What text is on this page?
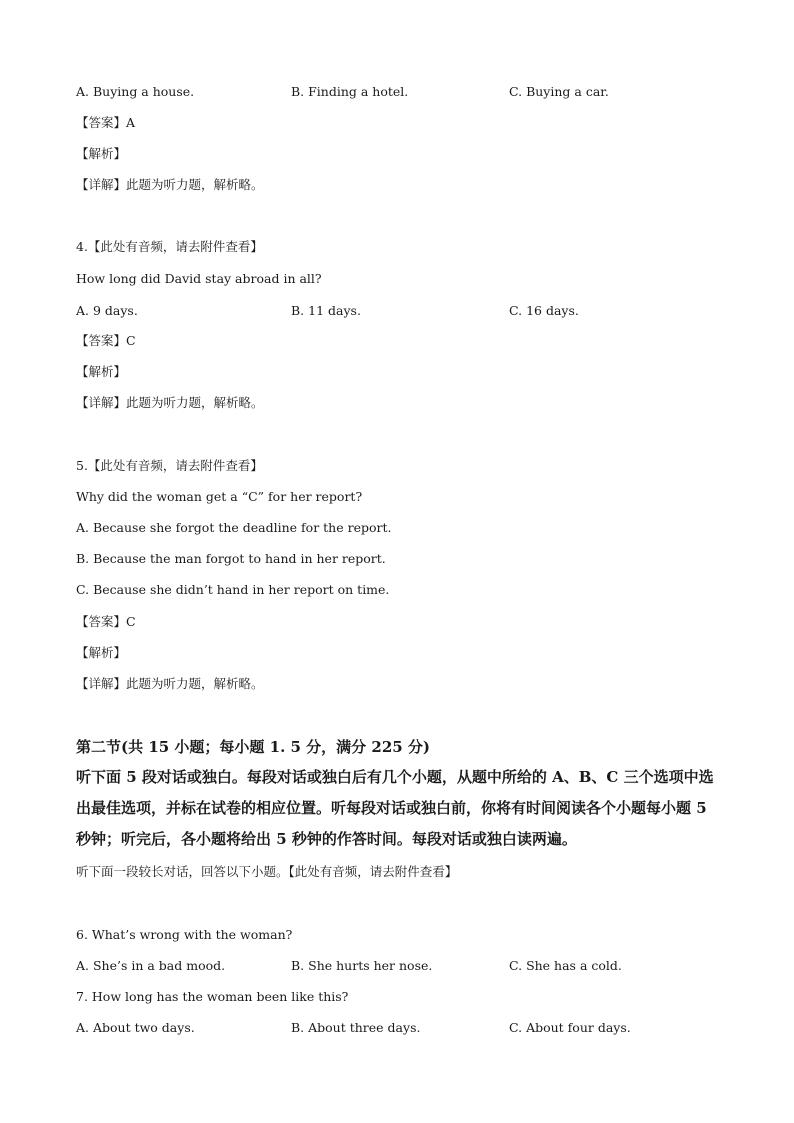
A. Buying a house.	B. Finding a hotel.	C. Buying a car.
【答案】A
【解析】
【详解】此题为听力题，解析略。
4.【此处有音频，请去附件查看】
How long did David stay abroad in all?
A. 9 days.	B. 11 days.	C. 16 days.
【答案】C
【解析】
【详解】此题为听力题，解析略。
5.【此处有音频，请去附件查看】
Why did the woman get a “C” for her report?
A. Because she forgot the deadline for the report.
B. Because the man forgot to hand in her report.
C. Because she didn’t hand in her report on time.
【答案】C
【解析】
【详解】此题为听力题，解析略。
第二节(共 15 小题；每小题 1. 5 分，满分 225 分)
听下面 5 段对话或独白。每段对话或独白后有几个小题，从题中所给的 A、B、C 三个选项中选出最佳选项，并标在试卷的相应位置。听每段对话或独白前，你将有时间阅读各个小题每小题 5 秒钟；听完后，各小题将给出 5 秒钟的作答时间。每段对话或独白读两遍。
听下面一段较长对话，回答以下小题。【此处有音频，请去附件查看】
6. What’s wrong with the woman?
A. She’s in a bad mood.	B. She hurts her nose.	C. She has a cold.
7. How long has the woman been like this?
A. About two days.	B. About three days.	C. About four days.
